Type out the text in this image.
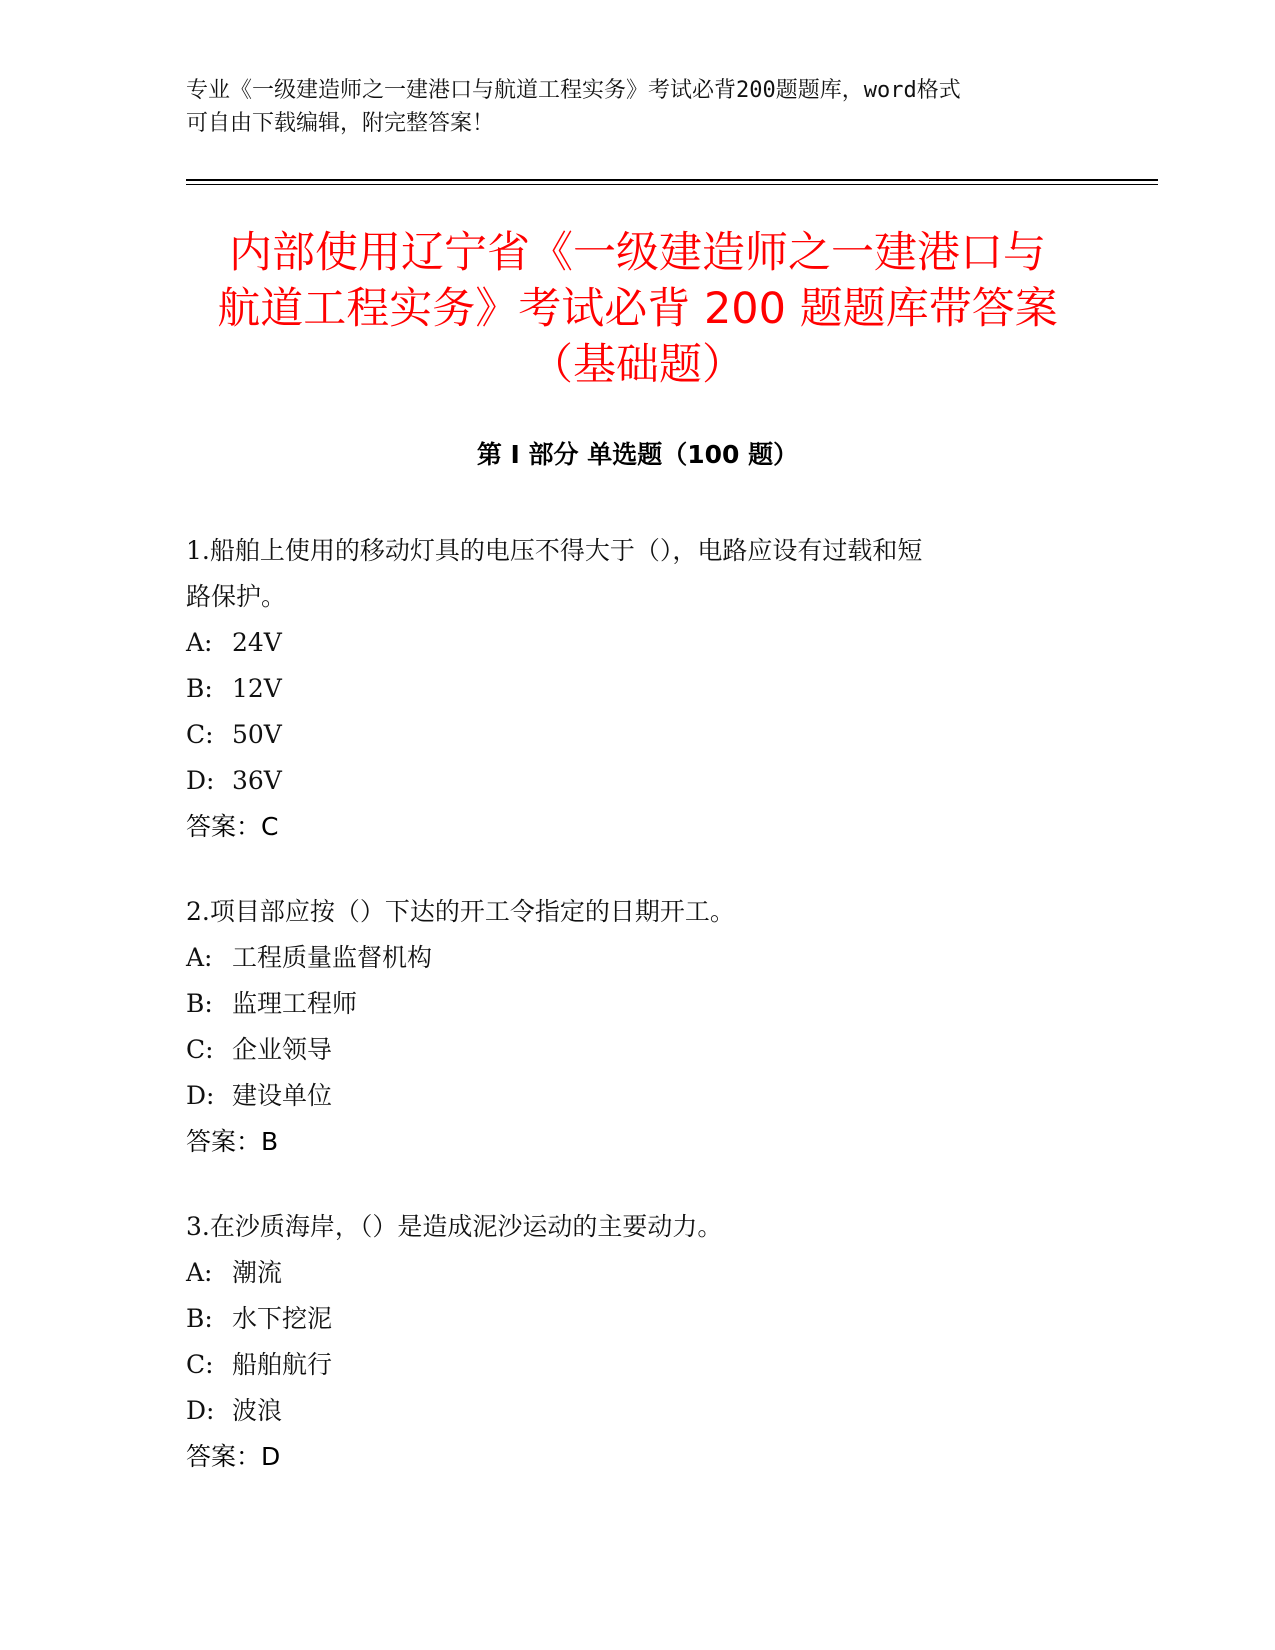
专业《一级建造师之一建港口与航道工程实务》考试必背200题题库，word格式
可自由下载编辑，附完整答案！
内部使用辽宁省《一级建造师之一建港口与
航道工程实务》考试必背 200 题题库带答案
（基础题）
第 I 部分 单选题（100 题）
1.船舶上使用的移动灯具的电压不得大于（），电路应设有过载和短
路保护。
A: 24V
B: 12V
C: 50V
D: 36V
答案：C
2.项目部应按（）下达的开工令指定的日期开工。
A: 工程质量监督机构
B: 监理工程师
C: 企业领导
D: 建设单位
答案：B
3.在沙质海岸，（）是造成泥沙运动的主要动力。
A: 潮流
B: 水下挖泥
C: 船舶航行
D: 波浪
答案：D
